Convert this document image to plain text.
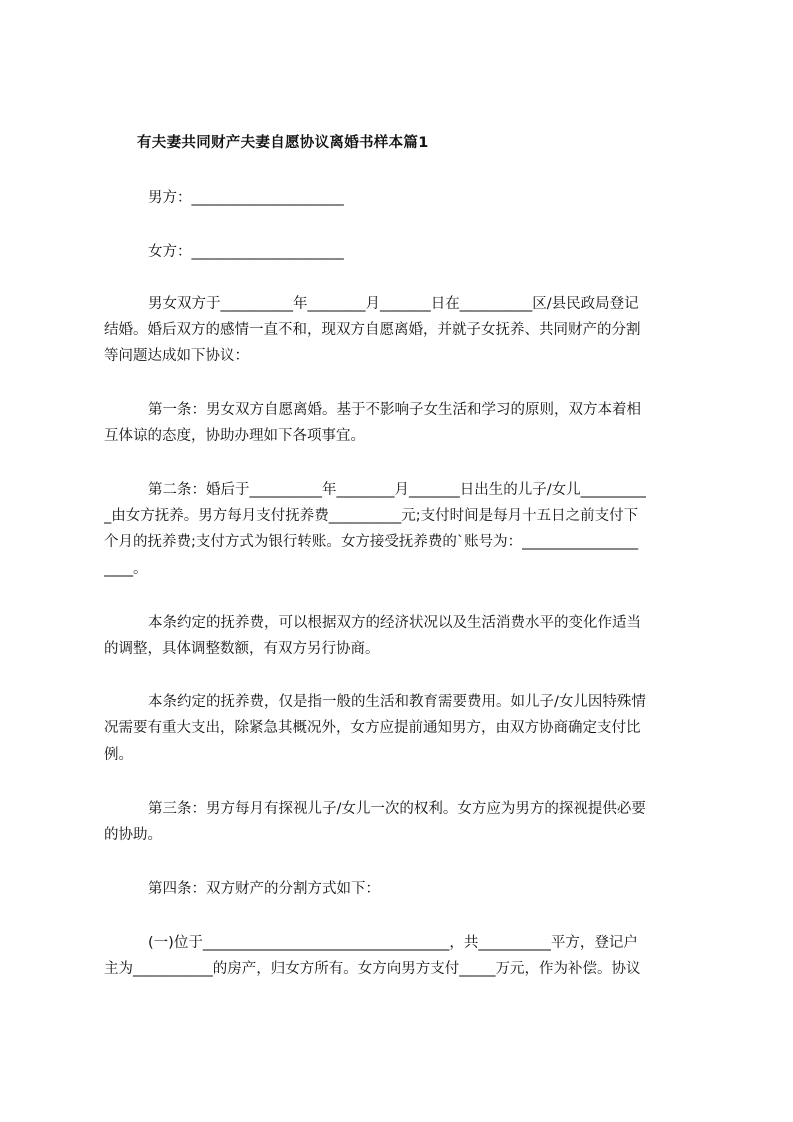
有夫妻共同财产夫妻自愿协议离婚书样本篇1
男方：_____________________
女方：_____________________
男女双方于__________年________月_______日在__________区/县民政局登记
结婚。婚后双方的感情一直不和，现双方自愿离婚，并就子女抚养、共同财产的分割
等问题达成如下协议：
第一条：男女双方自愿离婚。基于不影响子女生活和学习的原则，双方本着相
互体谅的态度，协助办理如下各项事宜。
第二条：婚后于__________年________月_______日出生的儿子/女儿_________
_由女方抚养。男方每月支付抚养费__________元;支付时间是每月十五日之前支付下
个月的抚养费;支付方式为银行转账。女方接受抚养费的`账号为：________________
____。
本条约定的抚养费，可以根据双方的经济状况以及生活消费水平的变化作适当
的调整，具体调整数额，有双方另行协商。
本条约定的抚养费，仅是指一般的生活和教育需要费用。如儿子/女儿因特殊情
况需要有重大支出，除紧急其概况外，女方应提前通知男方，由双方协商确定支付比
例。
第三条：男方每月有探视儿子/女儿一次的权利。女方应为男方的探视提供必要
的协助。
第四条：双方财产的分割方式如下：
(一)位于__________________________________，共__________平方，登记户
主为___________的房产，归女方所有。女方向男方支付_____万元，作为补偿。协议
